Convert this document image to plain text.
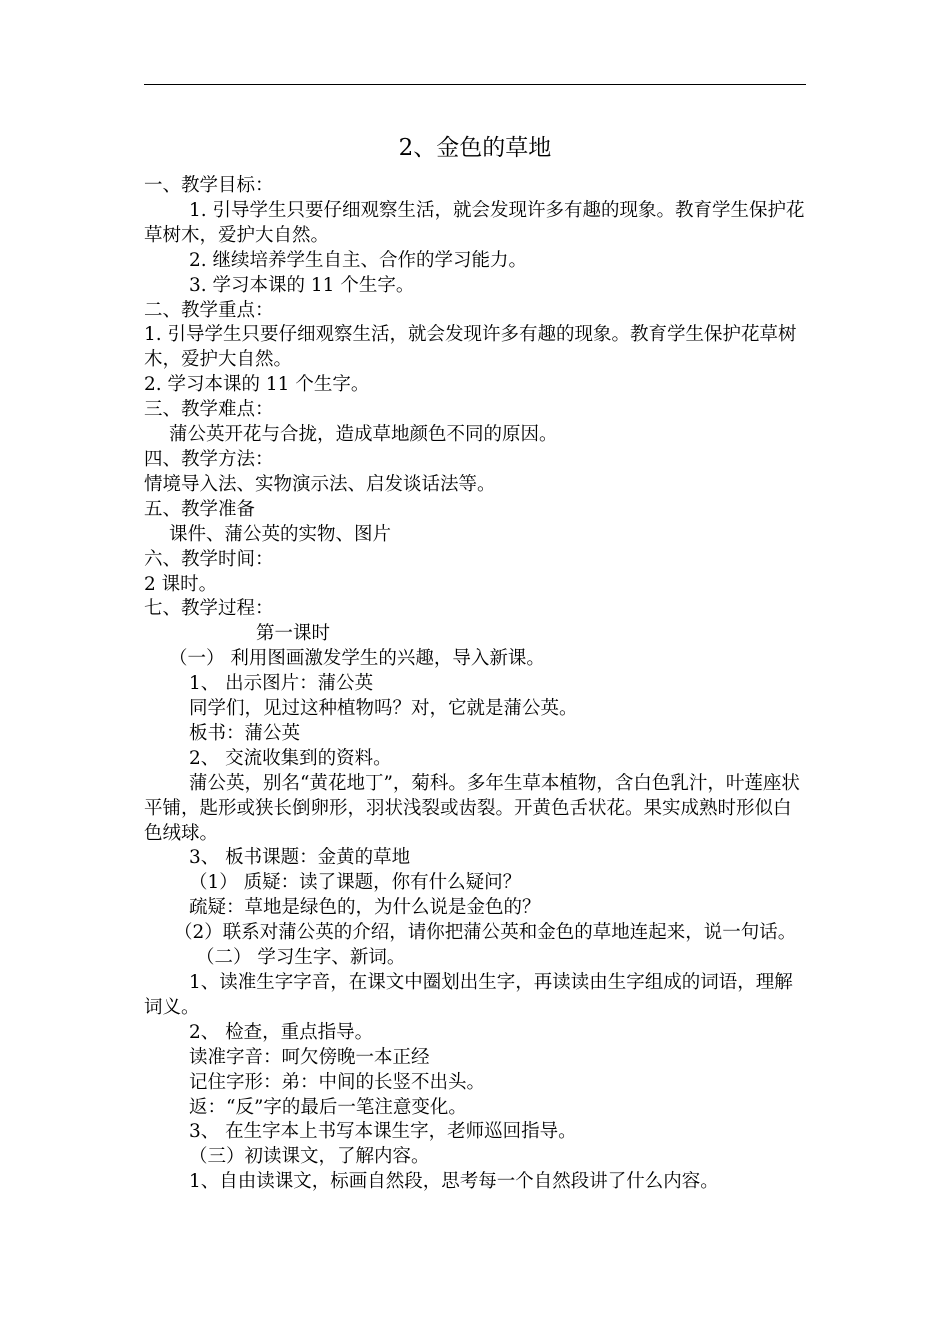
2、金色的草地

一、教学目标：

1. 引导学生只要仔细观察生活，就会发现许多有趣的现象。教育学生保护花草树木，爱护大自然。

2. 继续培养学生自主、合作的学习能力。

3. 学习本课的 11 个生字。

二、教学重点：

1. 引导学生只要仔细观察生活，就会发现许多有趣的现象。教育学生保护花草树木，爱护大自然。

2. 学习本课的 11 个生字。

三、教学难点：

蒲公英开花与合拢，造成草地颜色不同的原因。

四、教学方法：

情境导入法、实物演示法、启发谈话法等。

五、教学准备

课件、蒲公英的实物、图片

六、教学时间：

2 课时。

七、教学过程：

第一课时

（一） 利用图画激发学生的兴趣，导入新课。

1、 出示图片：蒲公英

同学们，见过这种植物吗？对，它就是蒲公英。

板书：蒲公英

2、 交流收集到的资料。

蒲公英，别名“黄花地丁”，菊科。多年生草本植物，含白色乳汁，叶莲座状平铺，匙形或狭长倒卵形，羽状浅裂或齿裂。开黄色舌状花。果实成熟时形似白色绒球。

3、 板书课题：金黄的草地

（1） 质疑：读了课题，你有什么疑问？

疏疑：草地是绿色的，为什么说是金色的？

（2）联系对蒲公英的介绍，请你把蒲公英和金色的草地连起来，说一句话。

（二） 学习生字、新词。

1、读准生字字音，在课文中圈划出生字，再读读由生字组成的词语，理解词义。

2、 检查，重点指导。

读准字音：呵欠傍晚一本正经

记住字形：弟：中间的长竖不出头。

返：“反”字的最后一笔注意变化。

3、 在生字本上书写本课生字，老师巡回指导。

（三）初读课文，了解内容。

1、自由读课文，标画自然段，思考每一个自然段讲了什么内容。
